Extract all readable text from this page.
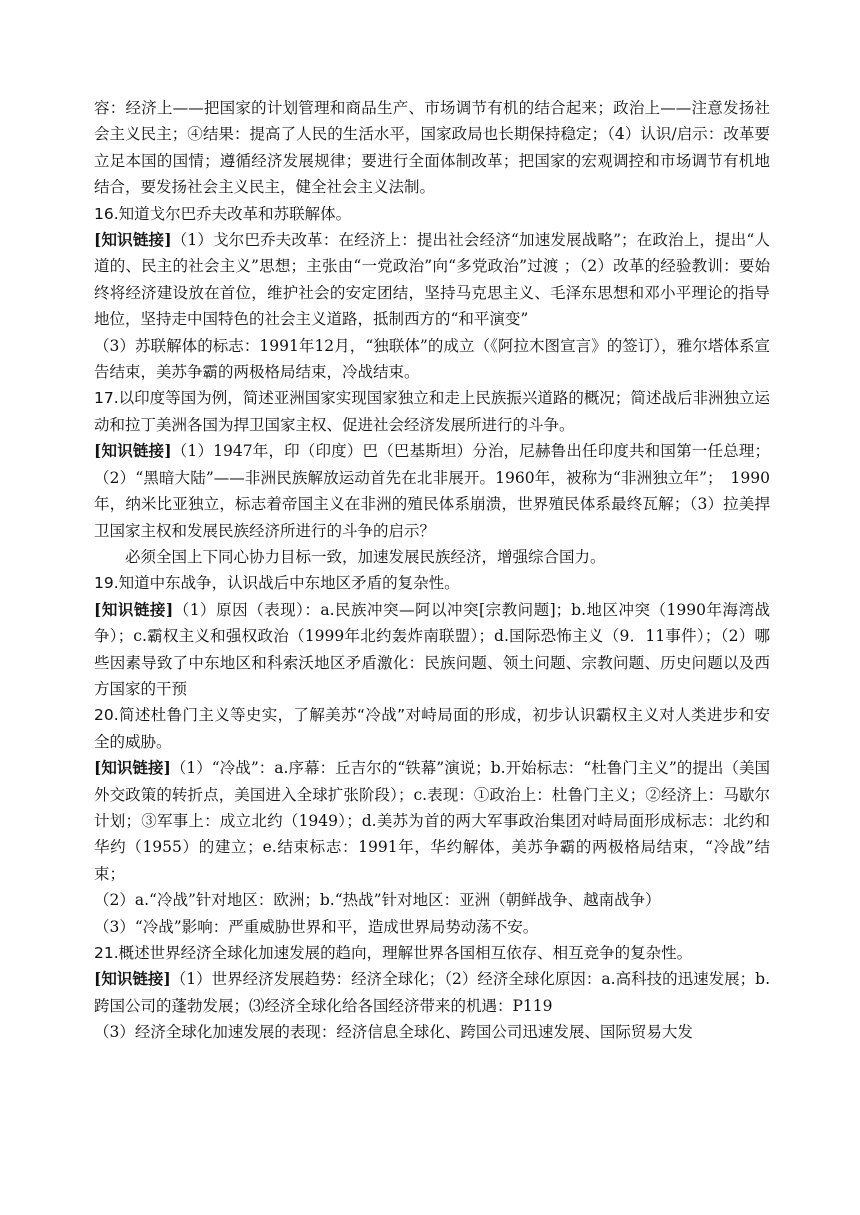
容：经济上——把国家的计划管理和商品生产、市场调节有机的结合起来；政治上——注意发扬社会主义民主；④结果：提高了人民的生活水平，国家政局也长期保持稳定；（4）认识/启示：改革要立足本国的国情；遵循经济发展规律；要进行全面体制改革；把国家的宏观调控和市场调节有机地结合，要发扬社会主义民主，健全社会主义法制。

16.知道戈尔巴乔夫改革和苏联解体。

[知识链接]（1）戈尔巴乔夫改革：在经济上：提出社会经济“加速发展战略”；在政治上，提出“人道的、民主的社会主义”思想；主张由“一党政治”向“多党政治”过渡 ；（2）改革的经验教训：要始终将经济建设放在首位，维护社会的安定团结，坚持马克思主义、毛泽东思想和邓小平理论的指导地位，坚持走中国特色的社会主义道路，抵制西方的“和平演变”

（3）苏联解体的标志：1991年12月，“独联体”的成立（《阿拉木图宣言》的签订），雅尔塔体系宣告结束，美苏争霸的两极格局结束，冷战结束。

17.以印度等国为例，简述亚洲国家实现国家独立和走上民族振兴道路的概况；简述战后非洲独立运动和拉丁美洲各国为捍卫国家主权、促进社会经济发展所进行的斗争。

[知识链接]（1）1947年，印（印度）巴（巴基斯坦）分治，尼赫鲁出任印度共和国第一任总理；（2）“黑暗大陆”——非洲民族解放运动首先在北非展开。1960年，被称为“非洲独立年”；　1990年，纳米比亚独立，标志着帝国主义在非洲的殖民体系崩溃，世界殖民体系最终瓦解；（3）拉美捍卫国家主权和发展民族经济所进行的斗争的启示？

必须全国上下同心协力目标一致，加速发展民族经济，增强综合国力。

19.知道中东战争，认识战后中东地区矛盾的复杂性。

[知识链接]（1）原因（表现）：a.民族冲突—阿以冲突[宗教问题]；b.地区冲突（1990年海湾战争）；c.霸权主义和强权政治（1999年北约轰炸南联盟）；d.国际恐怖主义（9．11事件）；（2）哪些因素导致了中东地区和科索沃地区矛盾激化：民族问题、领土问题、宗教问题、历史问题以及西方国家的干预

20.简述杜鲁门主义等史实，了解美苏“冷战”对峙局面的形成，初步认识霸权主义对人类进步和安全的威胁。

[知识链接]（1）“冷战”：a.序幕：丘吉尔的“铁幕”演说；b.开始标志：“杜鲁门主义”的提出（美国外交政策的转折点，美国进入全球扩张阶段）；c.表现：①政治上：杜鲁门主义；②经济上：马歇尔计划；③军事上：成立北约（1949）；d.美苏为首的两大军事政治集团对峙局面形成标志：北约和华约（1955）的建立；e.结束标志：1991年，华约解体，美苏争霸的两极格局结束，“冷战”结束；

（2）a.“冷战”针对地区：欧洲；b.“热战”针对地区：亚洲（朝鲜战争、越南战争）

（3）“冷战”影响：严重威胁世界和平，造成世界局势动荡不安。

21.概述世界经济全球化加速发展的趋向，理解世界各国相互依存、相互竞争的复杂性。

[知识链接]（1）世界经济发展趋势：经济全球化；（2）经济全球化原因：a.高科技的迅速发展；b.跨国公司的蓬勃发展；⑶经济全球化给各国经济带来的机遇：P119

（3）经济全球化加速发展的表现：经济信息全球化、跨国公司迅速发展、国际贸易大发
